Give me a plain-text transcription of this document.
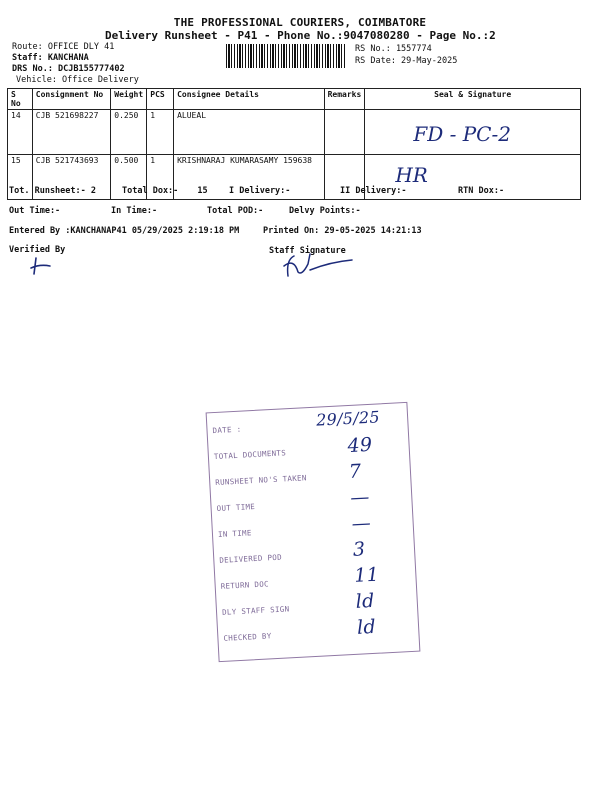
THE PROFESSIONAL COURIERS, COIMBATORE
Delivery Runsheet - P41 - Phone No.:9047080280 - Page No.:2
Route: OFFICE DLY 41
Staff: KANCHANA
DRS No.: DCJB155777402
Vehicle: Office Delivery
RS No.: 1557774
RS Date: 29-May-2025
S No	Consignment No	Weight	PCS	Consignee Details	Remarks	Seal & Signature
14	CJB 521698227	0.250	1	ALUEAL		FD - PC-2

15	CJB 521743693	0.500	1	KRISHNARAJ KUMARASAMY 159638		HR
Tot. Runsheet:- 2	Total Dox:- 15	I Delivery:-	II Delivery:-	RTN Dox:-
Out Time:-	In Time:-	Total POD:-	Delvy Points:-
Entered By :KANCHANAP41 05/29/2025 2:19:18 PM	Printed On: 29-05-2025 14:21:13
Verified By	Staff Signature
DATE :
29/5/25
TOTAL DOCUMENTS	49
RUNSHEET NO'S TAKEN 7
OUT TIME	—
IN TIME	—
DELIVERED POD	3
RETURN DOC	11
DLY STAFF SIGN	ld
CHECKED BY	ld
